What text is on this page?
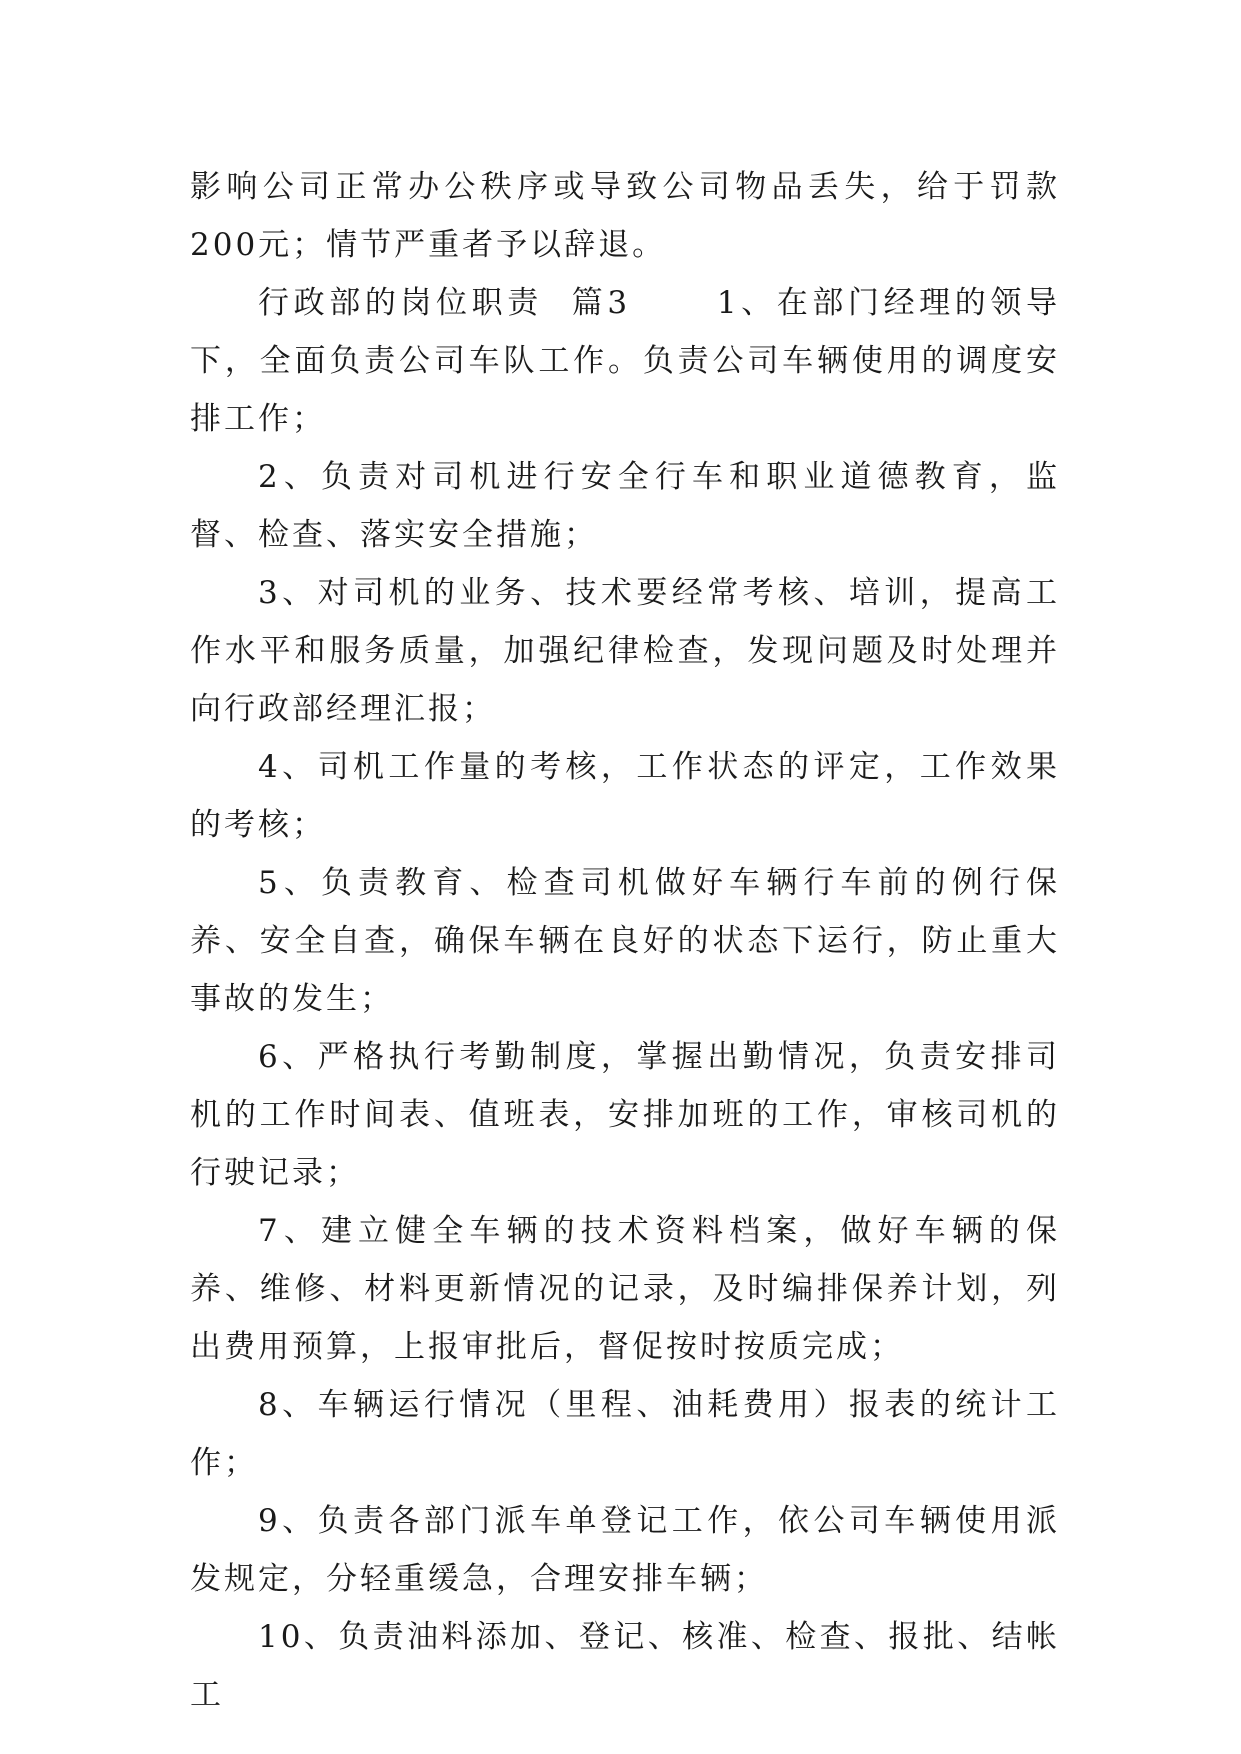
影响公司正常办公秩序或导致公司物品丢失，给于罚款200元；情节严重者予以辞退。

行政部的岗位职责  篇3      1、在部门经理的领导下，全面负责公司车队工作。负责公司车辆使用的调度安排工作；

2、负责对司机进行安全行车和职业道德教育，监督、检查、落实安全措施；

3、对司机的业务、技术要经常考核、培训，提高工作水平和服务质量，加强纪律检查，发现问题及时处理并向行政部经理汇报；

4、司机工作量的考核，工作状态的评定，工作效果的考核；

5、负责教育、检查司机做好车辆行车前的例行保养、安全自查，确保车辆在良好的状态下运行，防止重大事故的发生；

6、严格执行考勤制度，掌握出勤情况，负责安排司机的工作时间表、值班表，安排加班的工作，审核司机的行驶记录；

7、建立健全车辆的技术资料档案，做好车辆的保养、维修、材料更新情况的记录，及时编排保养计划，列出费用预算，上报审批后，督促按时按质完成；

8、车辆运行情况（里程、油耗费用）报表的统计工作；

9、负责各部门派车单登记工作，依公司车辆使用派发规定，分轻重缓急，合理安排车辆；

10、负责油料添加、登记、核准、检查、报批、结帐工
